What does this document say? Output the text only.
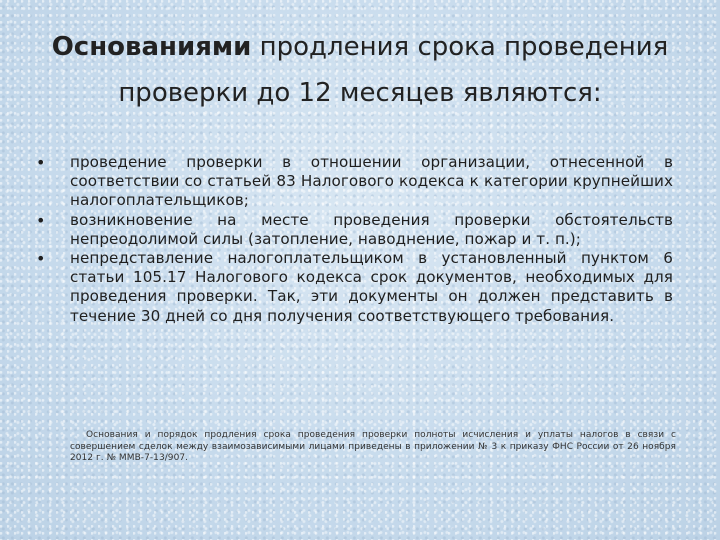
Основаниями продления срока проведения проверки до 12 месяцев являются:
• проведение проверки в отношении организации, отнесенной в соответствии со статьей 83 Налогового кодекса к категории крупнейших налогоплательщиков;
• возникновение на месте проведения проверки обстоятельств непреодолимой силы (затопление, наводнение, пожар и т. п.);
• непредставление налогоплательщиком в установленный пунктом 6 статьи 105.17 Налогового кодекса срок документов, необходимых для проведения проверки. Так, эти документы он должен представить в течение 30 дней со дня получения соответствующего требования.
Основания и порядок продления срока проведения проверки полноты исчисления и уплаты налогов в связи с совершением сделок между взаимозависимыми лицами приведены в приложении № 3 к приказу ФНС России от 26 ноября 2012 г. № ММВ-7-13/907.
